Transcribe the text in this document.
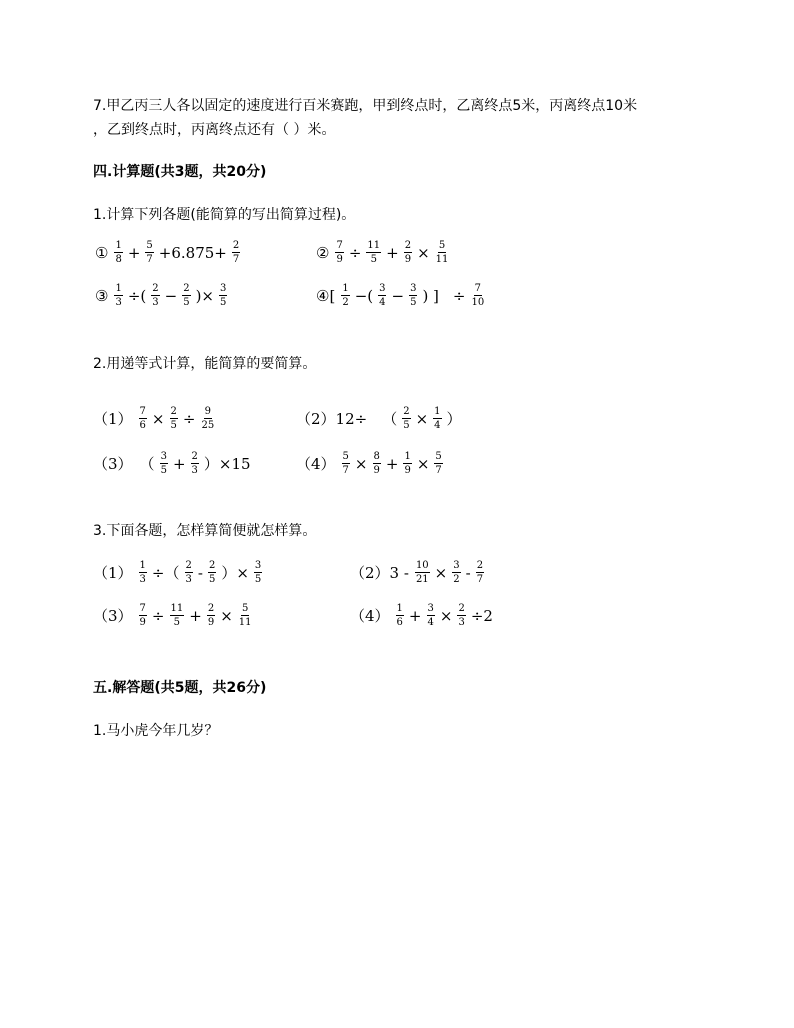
7.甲乙丙三人各以固定的速度进行百米赛跑，甲到终点时，乙离终点5米，丙离终点10米
，乙到终点时，丙离终点还有（ ）米。
四.计算题(共3题，共20分)
1.计算下列各题(能简算的写出简算过程)。
① $\frac{1}{8} + \frac{5}{7} +6.875+ \frac{2}{7}$	② $\frac{7}{9} \div \frac{11}{5} + \frac{2}{9} \times \frac{5}{11}$
③ $\frac{1}{3}$ ÷( $\frac{2}{3} - \frac{2}{5}$ )× $\frac{3}{5}$	④[ $\frac{1}{2}$ −( $\frac{3}{4} - \frac{3}{5}$ ) ] ÷ $\frac{7}{10}$
2.用递等式计算，能简算的要简算。
$(1) \frac{7}{6} \times \frac{2}{5} \div \frac{9}{25}$	（2）12÷ （ $\frac{2}{5} \times \frac{1}{4}$ ）
（3） （ $\frac{3}{5} + \frac{2}{3} )\times 15$	$(4) \frac{5}{7} \times \frac{8}{9} + \frac{1}{9} \times \frac{5}{7}$
3.下面各题，怎样算简便就怎样算。
$(1) \frac{1}{3}$ ÷（ $\frac{2}{3} - \frac{2}{5}$ ）× $\frac{3}{5}$	$(2)3 - \frac{10}{21} \times \frac{3}{2} - \frac{2}{7}$
$(3) \frac{7}{9} \div \frac{11}{5} + \frac{2}{9} \times \frac{5}{11}$	$(4) \frac{1}{6} + \frac{3}{4} \times \frac{2}{3} \div 2$
五.解答题(共5题，共26分)
1.马小虎今年几岁？
